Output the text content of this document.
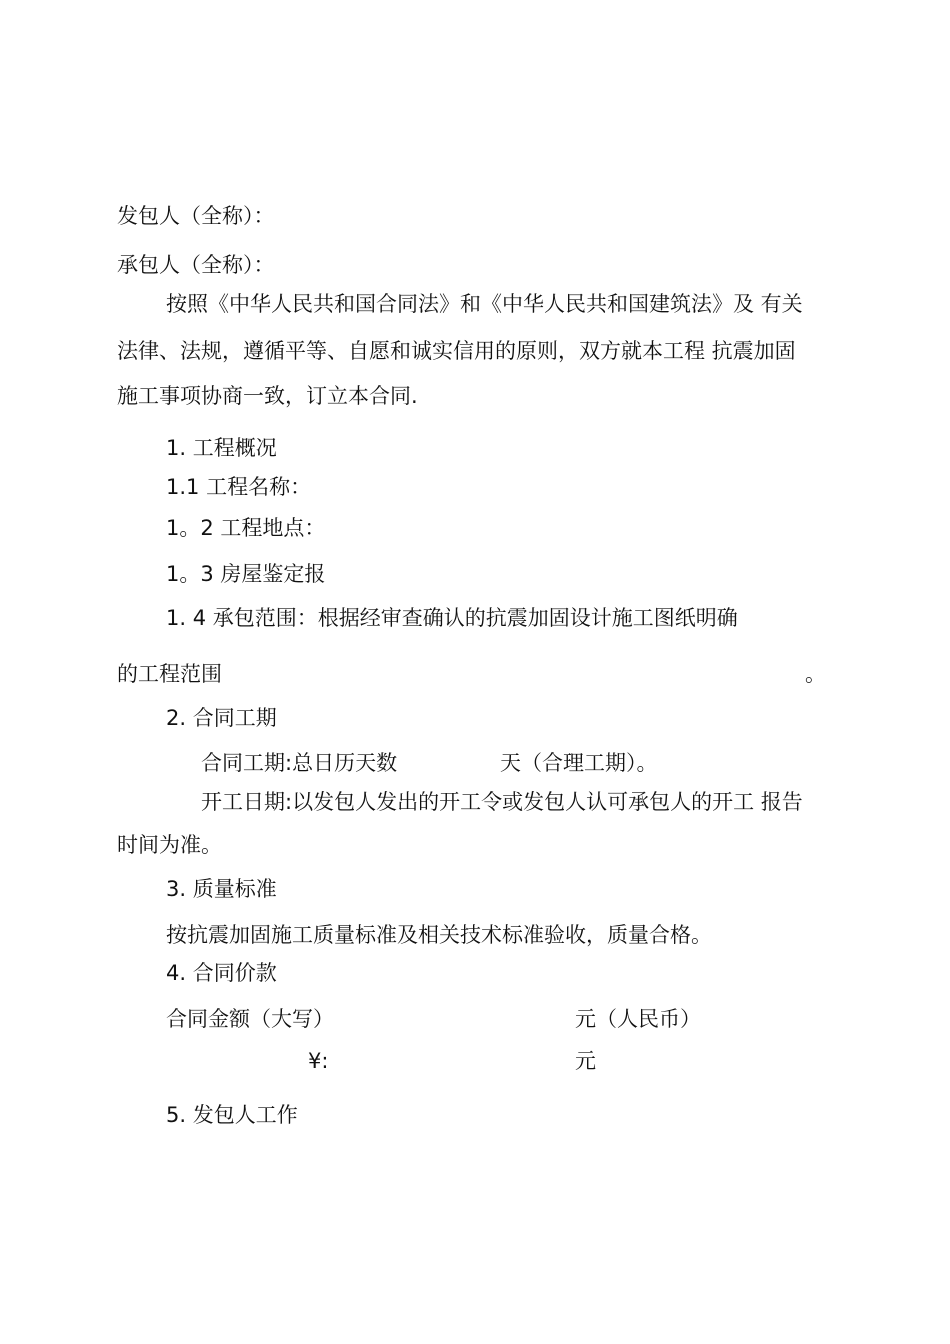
发包人（全称）：
承包人（全称）：
按照《中华人民共和国合同法》和《中华人民共和国建筑法》及 有关
法律、法规，遵循平等、自愿和诚实信用的原则，双方就本工程 抗震加固
施工事项协商一致，订立本合同.
1. 工程概况
1.1 工程名称：
1。2 工程地点：
1。3 房屋鉴定报
1. 4 承包范围：根据经审查确认的抗震加固设计施工图纸明确
的工程范围	。
2. 合同工期
合同工期:总日历天数	天（合理工期）。
开工日期:以发包人发出的开工令或发包人认可承包人的开工 报告
时间为准。
3. 质量标准
按抗震加固施工质量标准及相关技术标准验收，质量合格。
4. 合同价款
合同金额（大写）	元（人民币）
¥:	元
5. 发包人工作
